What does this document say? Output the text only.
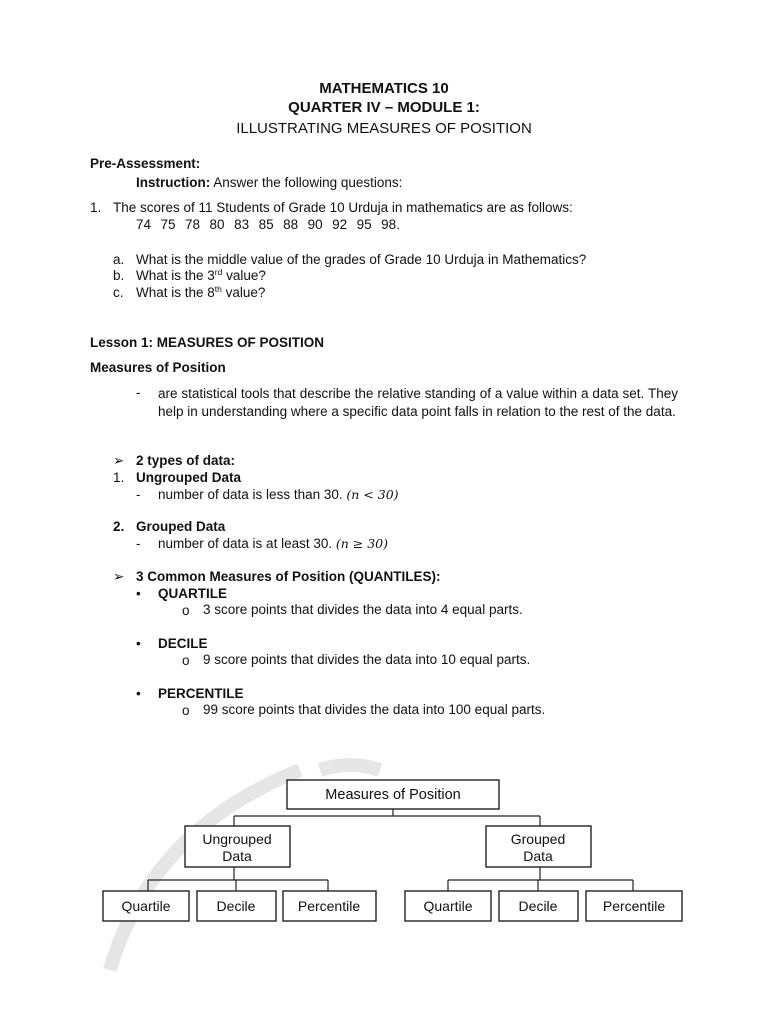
MATHEMATICS 10
QUARTER IV – MODULE 1:
ILLUSTRATING MEASURES OF POSITION
Pre-Assessment:
Instruction: Answer the following questions:
1. The scores of 11 Students of Grade 10 Urduja in mathematics are as follows:
74  75  78  80  83  85  88  90  92  95  98.
a. What is the middle value of the grades of Grade 10 Urduja in Mathematics?
b. What is the 3rd value?
c. What is the 8th value?
Lesson 1: MEASURES OF POSITION
Measures of Position
- are statistical tools that describe the relative standing of a value within a data set. They help in understanding where a specific data point falls in relation to the rest of the data.
➢ 2 types of data:
1. Ungrouped Data
- number of data is less than 30. (n < 30)
2. Grouped Data
- number of data is at least 30. (n ≥ 30)
➢ 3 Common Measures of Position (QUANTILES):
• QUARTILE
o 3 score points that divides the data into 4 equal parts.
• DECILE
o 9 score points that divides the data into 10 equal parts.
• PERCENTILE
o 99 score points that divides the data into 100 equal parts.
Measures of Position
Ungrouped
Data
Grouped
Data
Quartile	Decile	Percentile	Quartile	Decile	Percentile
